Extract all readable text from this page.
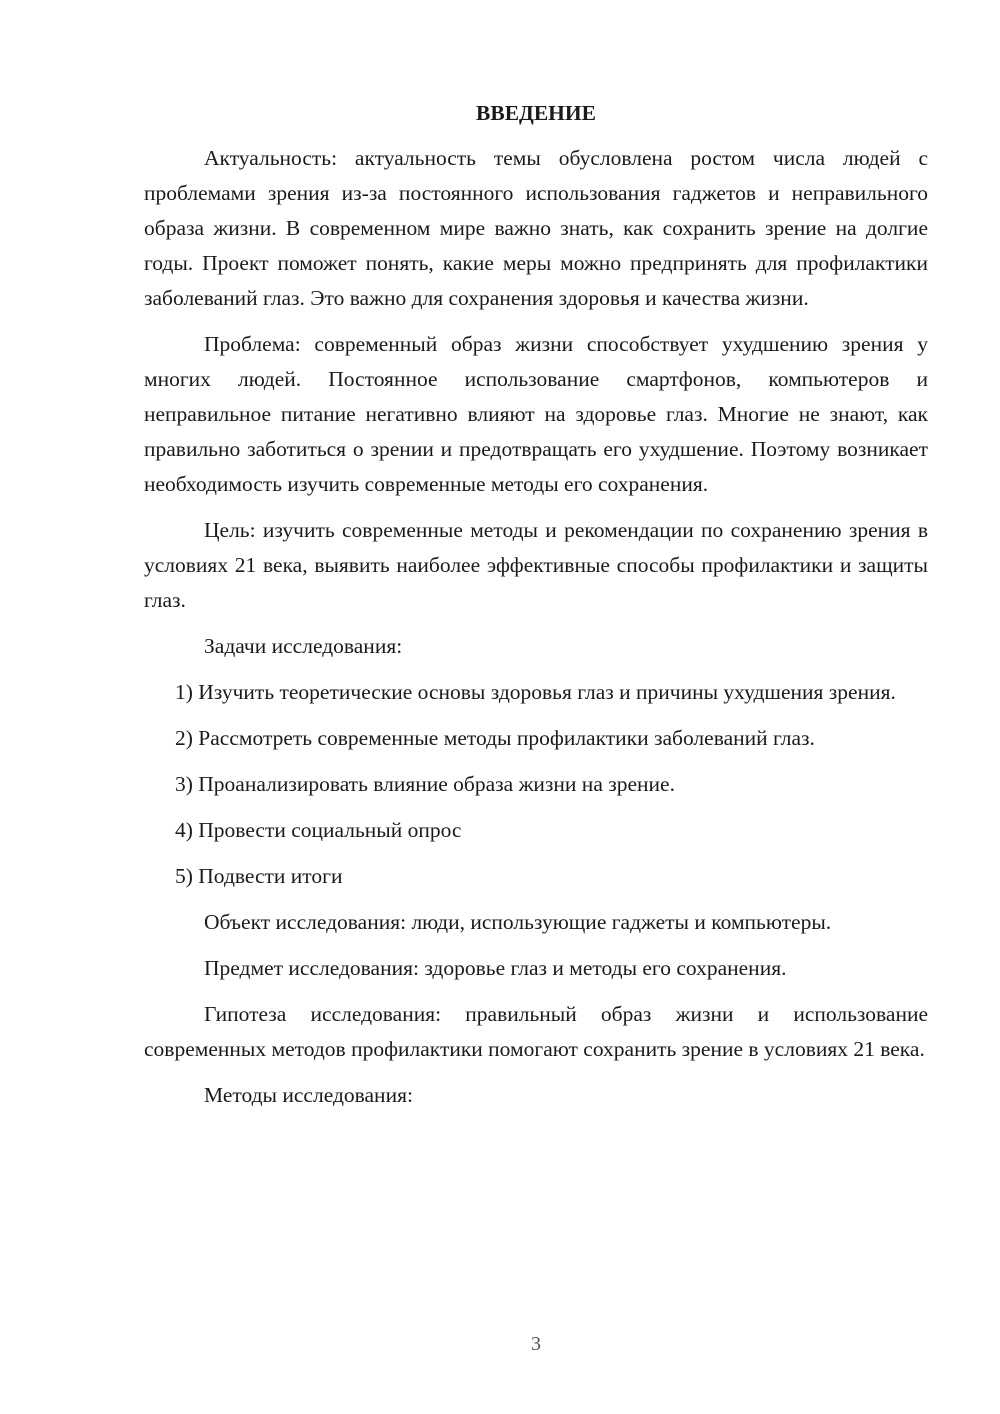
ВВЕДЕНИЕ

Актуальность: актуальность темы обусловлена ростом числа людей с проблемами зрения из-за постоянного использования гаджетов и неправильного образа жизни. В современном мире важно знать, как сохранить зрение на долгие годы. Проект поможет понять, какие меры можно предпринять для профилактики заболеваний глаз. Это важно для сохранения здоровья и качества жизни.

Проблема: современный образ жизни способствует ухудшению зрения у многих людей. Постоянное использование смартфонов, компьютеров и неправильное питание негативно влияют на здоровье глаз. Многие не знают, как правильно заботиться о зрении и предотвращать его ухудшение. Поэтому возникает необходимость изучить современные методы его сохранения.

Цель: изучить современные методы и рекомендации по сохранению зрения в условиях 21 века, выявить наиболее эффективные способы профилактики и защиты глаз.

Задачи исследования:

1) Изучить теоретические основы здоровья глаз и причины ухудшения зрения.

2) Рассмотреть современные методы профилактики заболеваний глаз.

3) Проанализировать влияние образа жизни на зрение.

4) Провести социальный опрос

5) Подвести итоги

Объект исследования: люди, использующие гаджеты и компьютеры.

Предмет исследования: здоровье глаз и методы его сохранения.

Гипотеза исследования: правильный образ жизни и использование современных методов профилактики помогают сохранить зрение в условиях 21 века.

Методы исследования:

3
